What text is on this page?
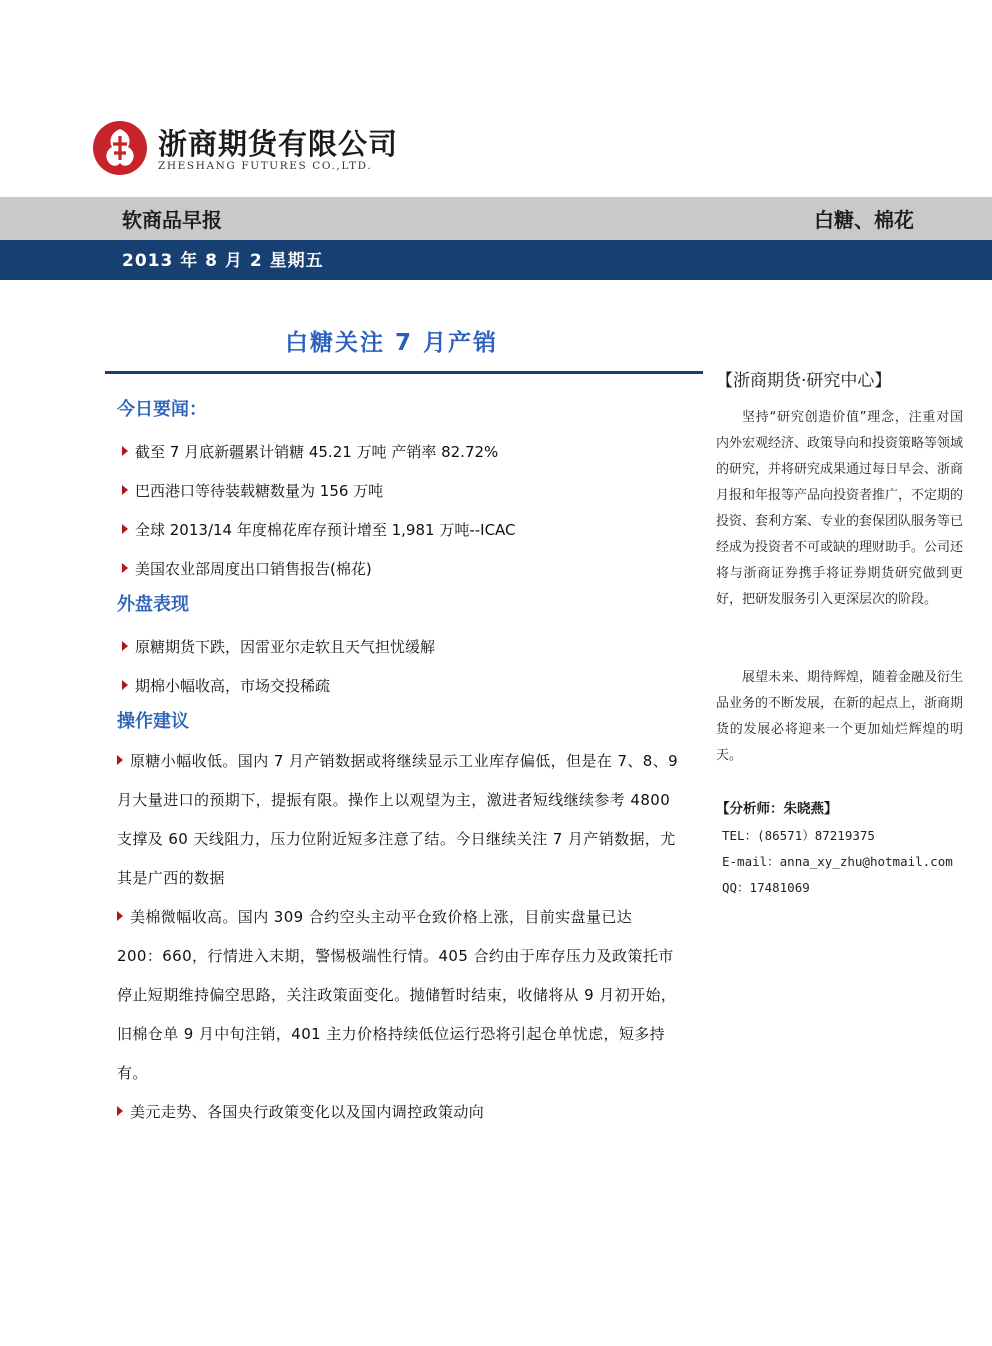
浙商期货有限公司
ZHESHANG FUTURES CO.,LTD.
软商品早报	白糖、棉花
2013 年 8 月 2 星期五
白糖关注 7 月产销
今日要闻：
截至 7 月底新疆累计销糖 45.21 万吨 产销率 82.72%
巴西港口等待装载糖数量为 156 万吨
全球 2013/14 年度棉花库存预计增至 1,981 万吨--ICAC
美国农业部周度出口销售报告(棉花)
外盘表现
原糖期货下跌，因雷亚尔走软且天气担忧缓解
期棉小幅收高，市场交投稀疏
操作建议
原糖小幅收低。国内 7 月产销数据或将继续显示工业库存偏低，但是在 7、8、9 月大量进口的预期下，提振有限。操作上以观望为主，激进者短线继续参考 4800 支撑及 60 天线阻力，压力位附近短多注意了结。今日继续关注 7 月产销数据，尤其是广西的数据
美棉微幅收高。国内 309 合约空头主动平仓致价格上涨，目前实盘量已达 200：660，行情进入末期，警惕极端性行情。405 合约由于库存压力及政策托市停止短期维持偏空思路，关注政策面变化。抛储暂时结束，收储将从 9 月初开始，旧棉仓单 9 月中旬注销，401 主力价格持续低位运行恐将引起仓单忧虑，短多持有。
美元走势、各国央行政策变化以及国内调控政策动向
【浙商期货·研究中心】

坚持“研究创造价值”理念，注重对国内外宏观经济、政策导向和投资策略等领域的研究，并将研究成果通过每日早会、浙商月报和年报等产品向投资者推广，不定期的投资、套利方案、专业的套保团队服务等已经成为投资者不可或缺的理财助手。公司还将与浙商证券携手将证券期货研究做到更好，把研发服务引入更深层次的阶段。

展望未来、期待辉煌，随着金融及衍生品业务的不断发展，在新的起点上，浙商期货的发展必将迎来一个更加灿烂辉煌的明天。

【分析师：朱晓燕】
TEL：(86571）87219375
E-mail：anna_xy_zhu@hotmail.com
QQ：17481069
